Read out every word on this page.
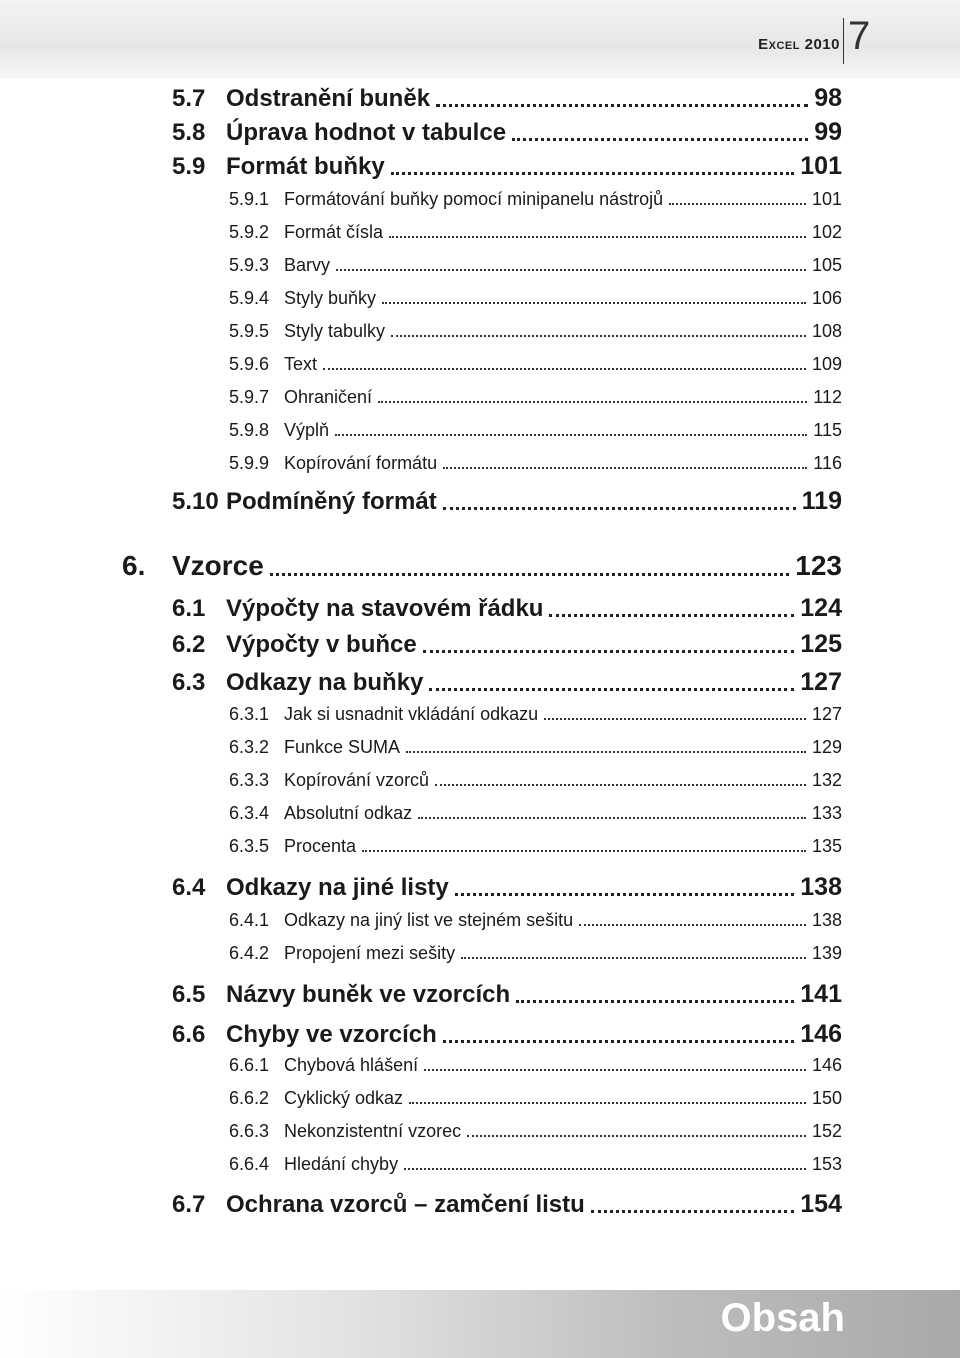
Excel 2010 7
5.7 Odstranění buněk	98
5.8 Úprava hodnot v tabulce	99
5.9 Formát buňky	101
5.9.1 Formátování buňky pomocí minipanelu nástrojů	101
5.9.2 Formát čísla	102
5.9.3 Barvy	105
5.9.4 Styly buňky	106
5.9.5 Styly tabulky	108
5.9.6 Text	109
5.9.7 Ohraničení	112
5.9.8 Výplň	115
5.9.9 Kopírování formátu	116
5.10 Podmíněný formát	119
6. Vzorce	123
6.1 Výpočty na stavovém řádku	124
6.2 Výpočty v buňce	125
6.3 Odkazy na buňky	127
6.3.1 Jak si usnadnit vkládání odkazu	127
6.3.2 Funkce SUMA	129
6.3.3 Kopírování vzorců	132
6.3.4 Absolutní odkaz	133
6.3.5 Procenta	135
6.4 Odkazy na jiné listy	138
6.4.1 Odkazy na jiný list ve stejném sešitu	138
6.4.2 Propojení mezi sešity	139
6.5 Názvy buněk ve vzorcích	141
6.6 Chyby ve vzorcích	146
6.6.1 Chybová hlášení	146
6.6.2 Cyklický odkaz	150
6.6.3 Nekonzistentní vzorec	152
6.6.4 Hledání chyby	153
6.7 Ochrana vzorců – zamčení listu	154
Obsah
